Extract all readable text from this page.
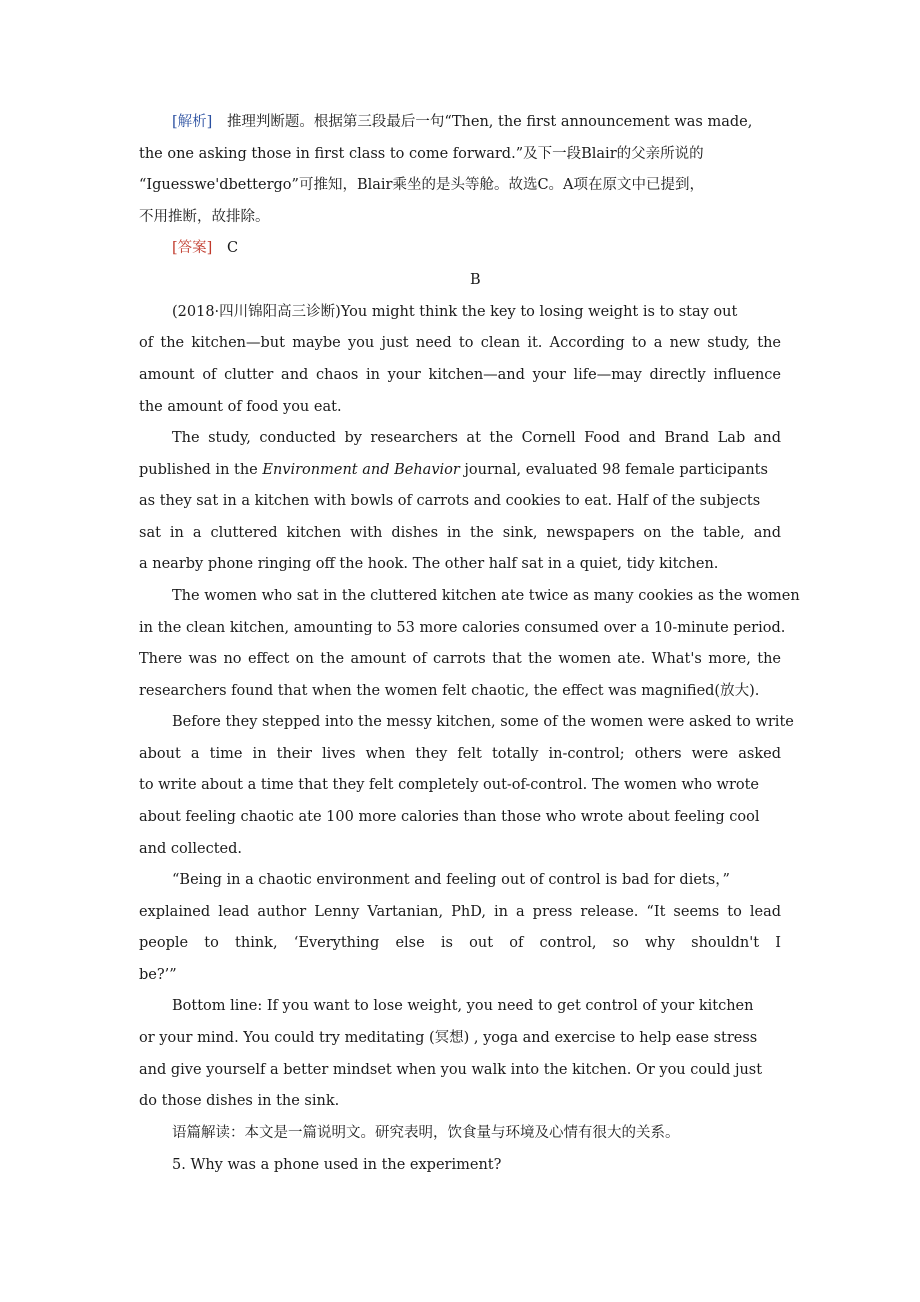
[解析] 推理判断题。根据第三段最后一句“Then, the first announcement was made,
the one asking those in first class to come forward.”及下一段Blair的父亲所说的
“Iguesswe'dbettergo”可推知，Blair乘坐的是头等舱。故选C。A项在原文中已提到，
不用推断，故排除。
[答案] C
B
(2018·四川锦阳高三诊断)You might think the key to losing weight is to stay out
of the kitchen—but maybe you just need to clean it. According to a new study, the
amount of clutter and chaos in your kitchen—and your life—may directly influence
the amount of food you eat.
The study, conducted by researchers at the Cornell Food and Brand Lab and
published in the Environment and Behavior journal, evaluated 98 female participants
as they sat in a kitchen with bowls of carrots and cookies to eat. Half of the subjects
sat in a cluttered kitchen with dishes in the sink, newspapers on the table, and
a nearby phone ringing off the hook. The other half sat in a quiet, tidy kitchen.
The women who sat in the cluttered kitchen ate twice as many cookies as the women
in the clean kitchen, amounting to 53 more calories consumed over a 10-minute period.
There was no effect on the amount of carrots that the women ate. What's more, the
researchers found that when the women felt chaotic, the effect was magnified(放大).
Before they stepped into the messy kitchen, some of the women were asked to write
about a time in their lives when they felt totally in-control; others were asked
to write about a time that they felt completely out-of-control. The women who wrote
about feeling chaotic ate 100 more calories than those who wrote about feeling cool
and collected.
“Being in a chaotic environment and feeling out of control is bad for diets，”
explained lead author Lenny Vartanian, PhD, in a press release. “It seems to lead
people to think, ‘Everything else is out of control, so why shouldn't I
be?’”
Bottom line: If you want to lose weight, you need to get control of your kitchen
or your mind. You could try meditating (冥想) , yoga and exercise to help ease stress
and give yourself a better mindset when you walk into the kitchen. Or you could just
do those dishes in the sink.
语篇解读：本文是一篇说明文。研究表明，饮食量与环境及心情有很大的关系。
5. Why was a phone used in the experiment?
